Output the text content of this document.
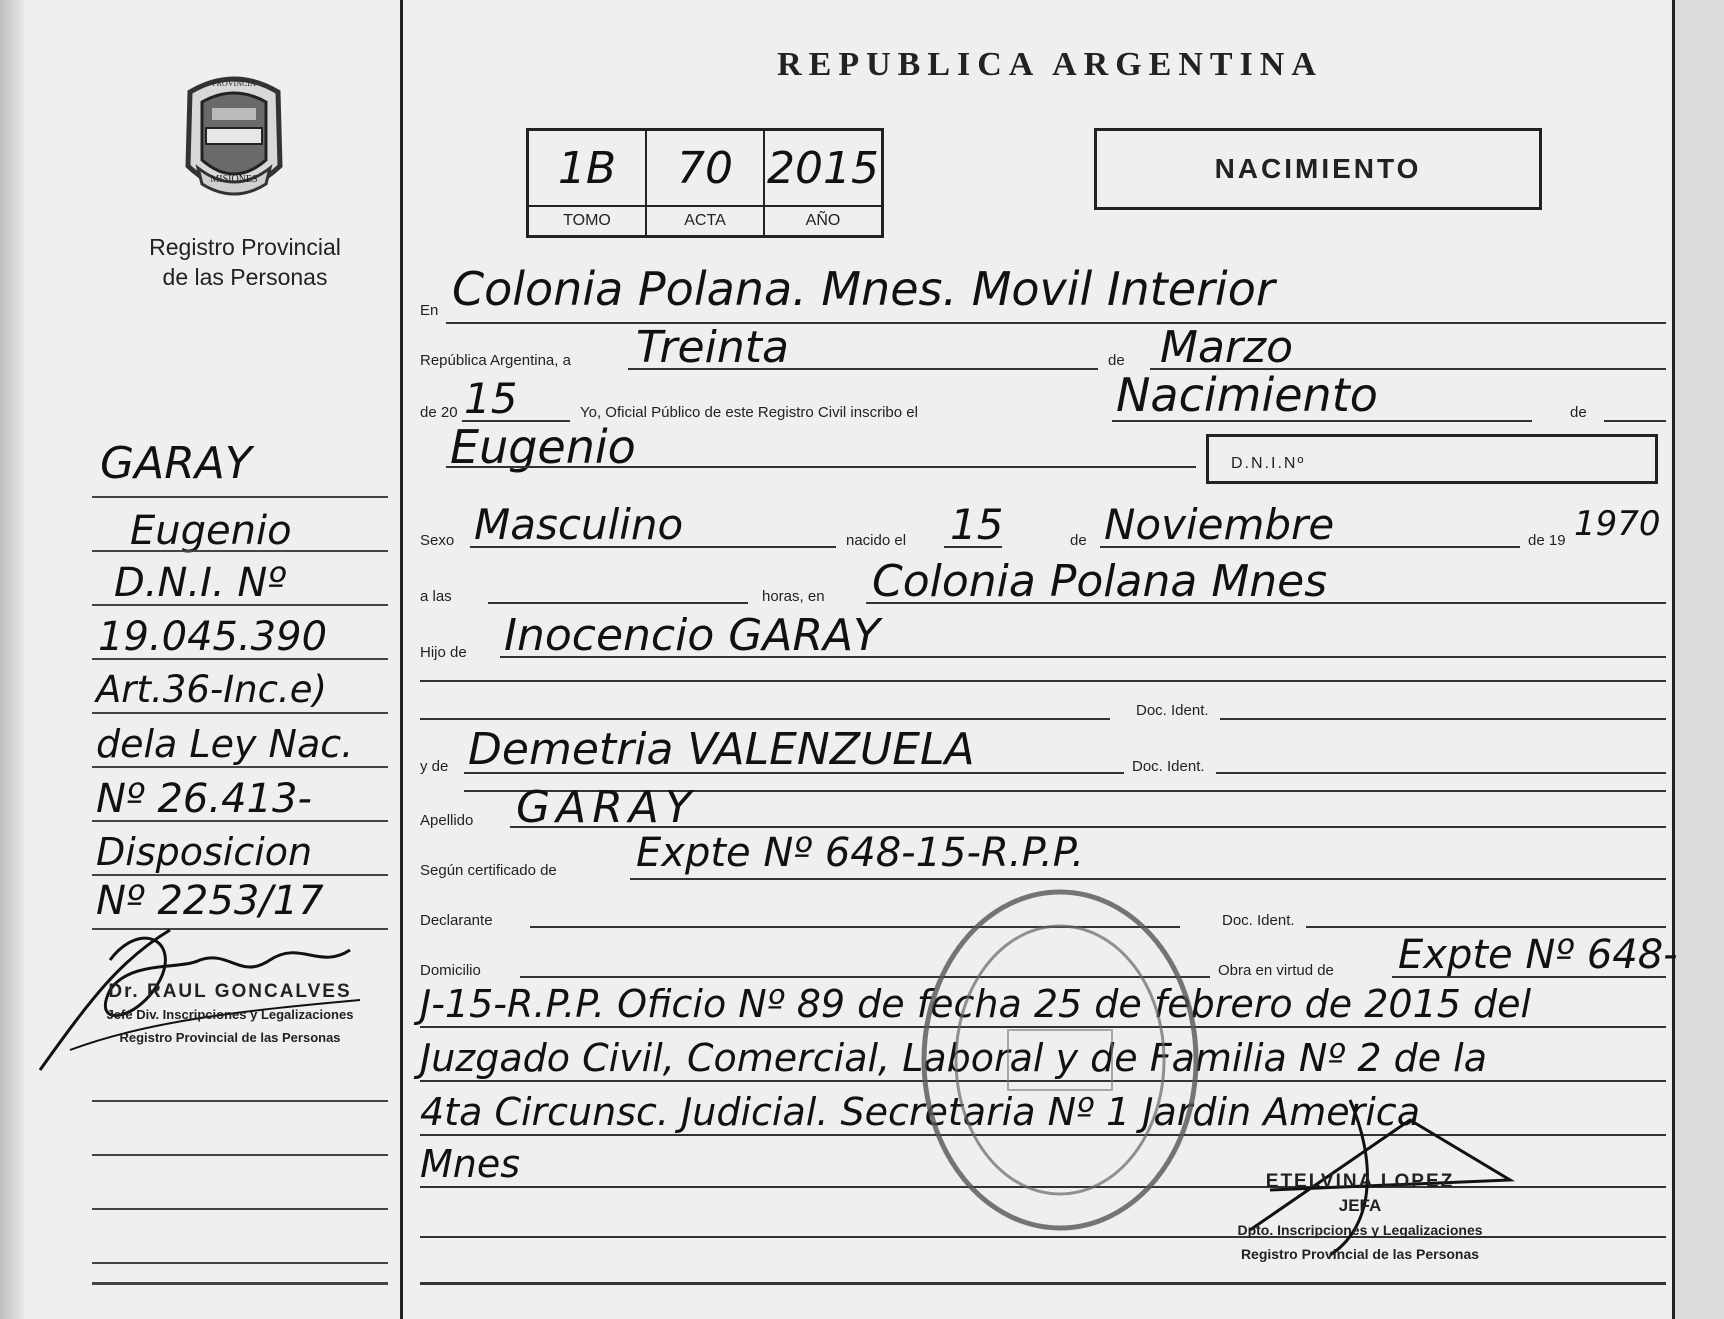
MISIONES
PROVINCIA
Registro Provincial
de las Personas
GARAY
Eugenio
D.N.I. Nº
19.045.390
Art.36-Inc.e)
dela Ley Nac.
Nº 26.413-
Disposicion
Nº 2253/17
Dr. RAUL GONCALVES
Jefe Div. Inscripciones y Legalizaciones
Registro Provincial de las Personas
REPUBLICA ARGENTINA
1B	70	2015
TOMO	ACTA	AÑO
NACIMIENTO
En Colonia Polana. Mnes. Movil Interior
República Argentina, a Treinta	de Marzo
de 20 15	Yo, Oficial Público de este Registro Civil inscribo el	Nacimiento	de
Eugenio	D.N.I.Nº
Sexo Masculino	nacido el 15	de Noviembre	de 19 1970
a las	horas, en Colonia Polana Mnes
Hijo de Inocencio GARAY
Doc. Ident.
y de Demetria VALENZUELA	Doc. Ident.
Apellido GARAY
Según certificado de Expte Nº 648-15-R.P.P.
Declarante	Doc. Ident.
Domicilio	Obra en virtud de Expte Nº 648-
J-15-R.P.P. Oficio Nº 89 de fecha 25 de febrero de 2015 del
Juzgado Civil, Comercial, Laboral y de Familia Nº 2 de la
4ta Circunsc. Judicial. Secretaria Nº 1 Jardin America
Mnes	ETELVINA LOPEZ
JEFA
Dpto. Inscripciones y Legalizaciones
Registro Provincial de las Personas
